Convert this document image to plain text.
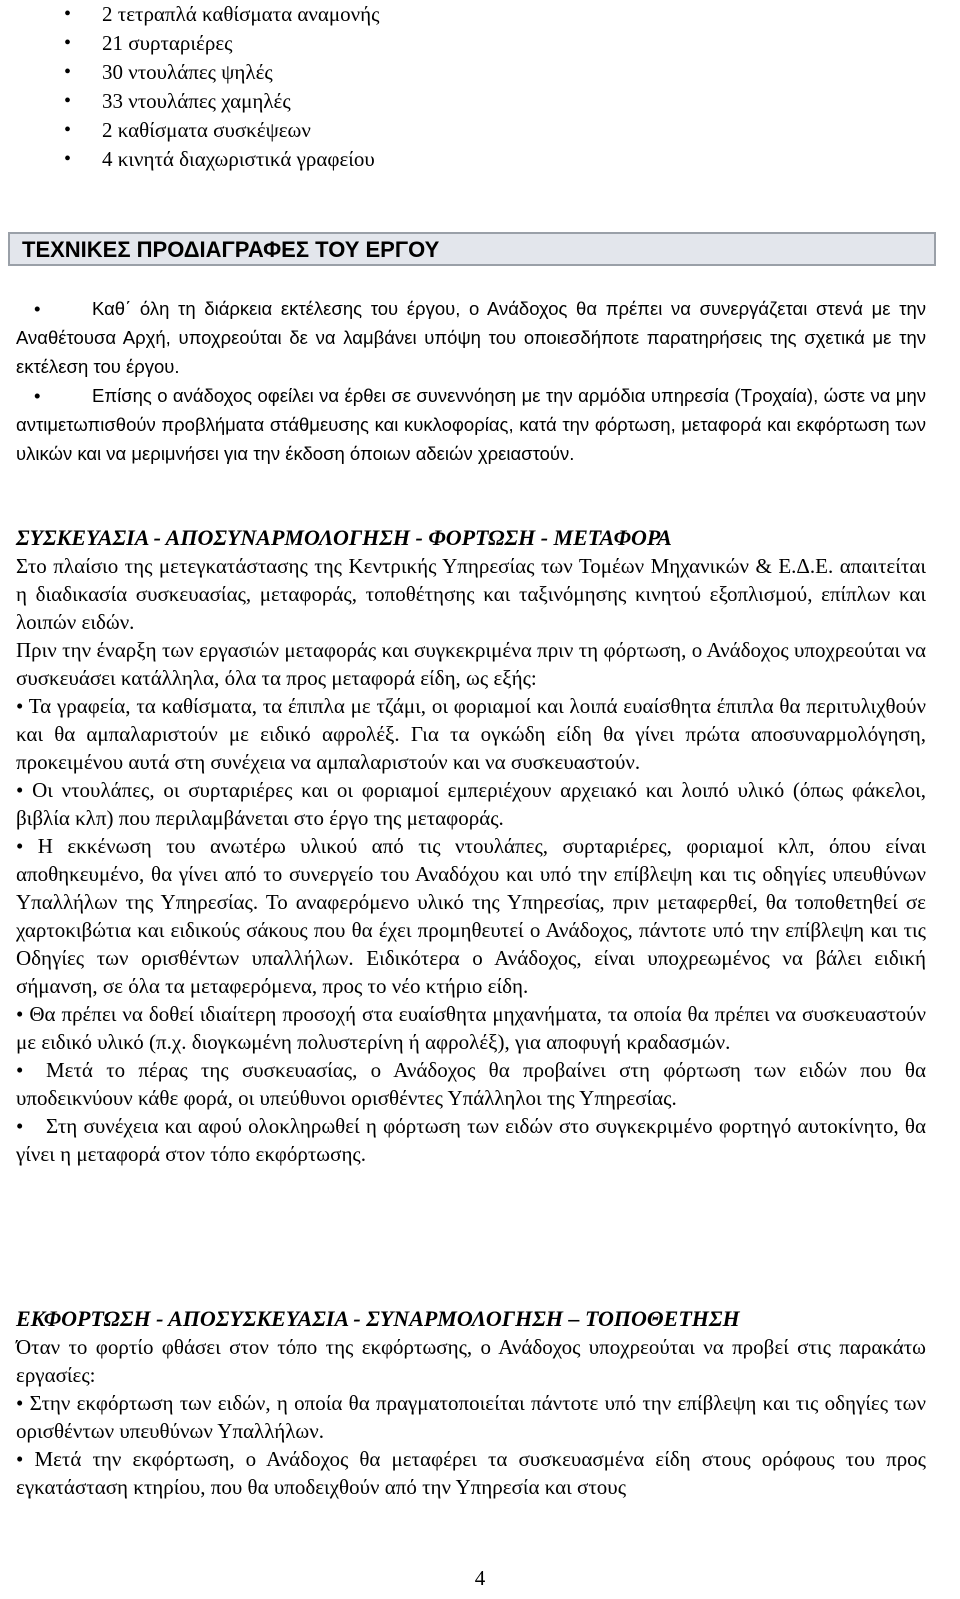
• 2 τετραπλά καθίσματα αναμονής
• 21 συρταριέρες
• 30 ντουλάπες ψηλές
• 33 ντουλάπες χαμηλές
• 2 καθίσματα συσκέψεων
• 4 κινητά διαχωριστικά γραφείου
ΤΕΧΝΙΚΕΣ ΠΡΟΔΙΑΓΡΑΦΕΣ ΤΟΥ ΕΡΓΟΥ

•Καθ΄ όλη τη διάρκεια εκτέλεσης του έργου, ο Ανάδοχος θα πρέπει να συνεργάζεται στενά με την Αναθέτουσα Αρχή, υποχρεούται δε να λαμβάνει υπόψη του οποιεσδήποτε παρατηρήσεις της σχετικά με την εκτέλεση του έργου.

•Επίσης ο ανάδοχος οφείλει να έρθει σε συνεννόηση με την αρμόδια υπηρεσία (Τροχαία), ώστε να μην αντιμετωπισθούν προβλήματα στάθμευσης και κυκλοφορίας, κατά την φόρτωση, μεταφορά και εκφόρτωση των υλικών και να μεριμνήσει για την έκδοση όποιων αδειών χρειαστούν.

ΣΥΣΚΕΥΑΣΙΑ - ΑΠΟΣΥΝΑΡΜΟΛΟΓΗΣΗ - ΦΟΡΤΩΣΗ - ΜΕΤΑΦΟΡΑ

Στο πλαίσιο της μετεγκατάστασης της Κεντρικής Υπηρεσίας των Τομέων Μηχανικών & Ε.Δ.Ε. απαιτείται η διαδικασία συσκευασίας, μεταφοράς, τοποθέτησης και ταξινόμησης κινητού εξοπλισμού, επίπλων και λοιπών ειδών.

Πριν την έναρξη των εργασιών μεταφοράς και συγκεκριμένα πριν τη φόρτωση, ο Ανάδοχος υποχρεούται να συσκευάσει κατάλληλα, όλα τα προς μεταφορά είδη, ως εξής:

• Τα γραφεία, τα καθίσματα, τα έπιπλα με τζάμι, οι φοριαμοί και λοιπά ευαίσθητα έπιπλα θα περιτυλιχθούν και θα αμπαλαριστούν με ειδικό αφρολέξ. Για τα ογκώδη είδη θα γίνει πρώτα αποσυναρμολόγηση, προκειμένου αυτά στη συνέχεια να αμπαλαριστούν και να συσκευαστούν.

• Οι ντουλάπες, οι συρταριέρες και οι φοριαμοί εμπεριέχουν αρχειακό και λοιπό υλικό (όπως φάκελοι, βιβλία κλπ) που περιλαμβάνεται στο έργο της μεταφοράς.

• Η εκκένωση του ανωτέρω υλικού από τις ντουλάπες, συρταριέρες, φοριαμοί κλπ, όπου είναι αποθηκευμένο, θα γίνει από το συνεργείο του Αναδόχου και υπό την επίβλεψη και τις οδηγίες υπευθύνων Υπαλλήλων της Υπηρεσίας. Το αναφερόμενο υλικό της Υπηρεσίας, πριν μεταφερθεί, θα τοποθετηθεί σε χαρτοκιβώτια και ειδικούς σάκους που θα έχει προμηθευτεί ο Ανάδοχος, πάντοτε υπό την επίβλεψη και τις Οδηγίες των ορισθέντων υπαλλήλων. Ειδικότερα ο Ανάδοχος, είναι υποχρεωμένος να βάλει ειδική σήμανση, σε όλα τα μεταφερόμενα, προς το νέο κτήριο είδη.

• Θα πρέπει να δοθεί ιδιαίτερη προσοχή στα ευαίσθητα μηχανήματα, τα οποία θα πρέπει να συσκευαστούν με ειδικό υλικό (π.χ. διογκωμένη πολυστερίνη ή αφρολέξ), για αποφυγή κραδασμών.

• Μετά το πέρας της συσκευασίας, ο Ανάδοχος θα προβαίνει στη φόρτωση των ειδών που θα υποδεικνύουν κάθε φορά, οι υπεύθυνοι ορισθέντες Υπάλληλοι της Υπηρεσίας.

• Στη συνέχεια και αφού ολοκληρωθεί η φόρτωση των ειδών στο συγκεκριμένο φορτηγό αυτοκίνητο, θα γίνει η μεταφορά στον τόπο εκφόρτωσης.

ΕΚΦΟΡΤΩΣΗ - ΑΠΟΣΥΣΚΕΥΑΣΙΑ - ΣΥΝΑΡΜΟΛΟΓΗΣΗ – ΤΟΠΟΘΕΤΗΣΗ

Όταν το φορτίο φθάσει στον τόπο της εκφόρτωσης, ο Ανάδοχος υποχρεούται να προβεί στις παρακάτω εργασίες:

• Στην εκφόρτωση των ειδών, η οποία θα πραγματοποιείται πάντοτε υπό την επίβλεψη και τις οδηγίες των ορισθέντων υπευθύνων Υπαλλήλων.

• Μετά την εκφόρτωση, ο Ανάδοχος θα μεταφέρει τα συσκευασμένα είδη στους ορόφους του προς εγκατάσταση κτηρίου, που θα υποδειχθούν από την Υπηρεσία και στους

4
